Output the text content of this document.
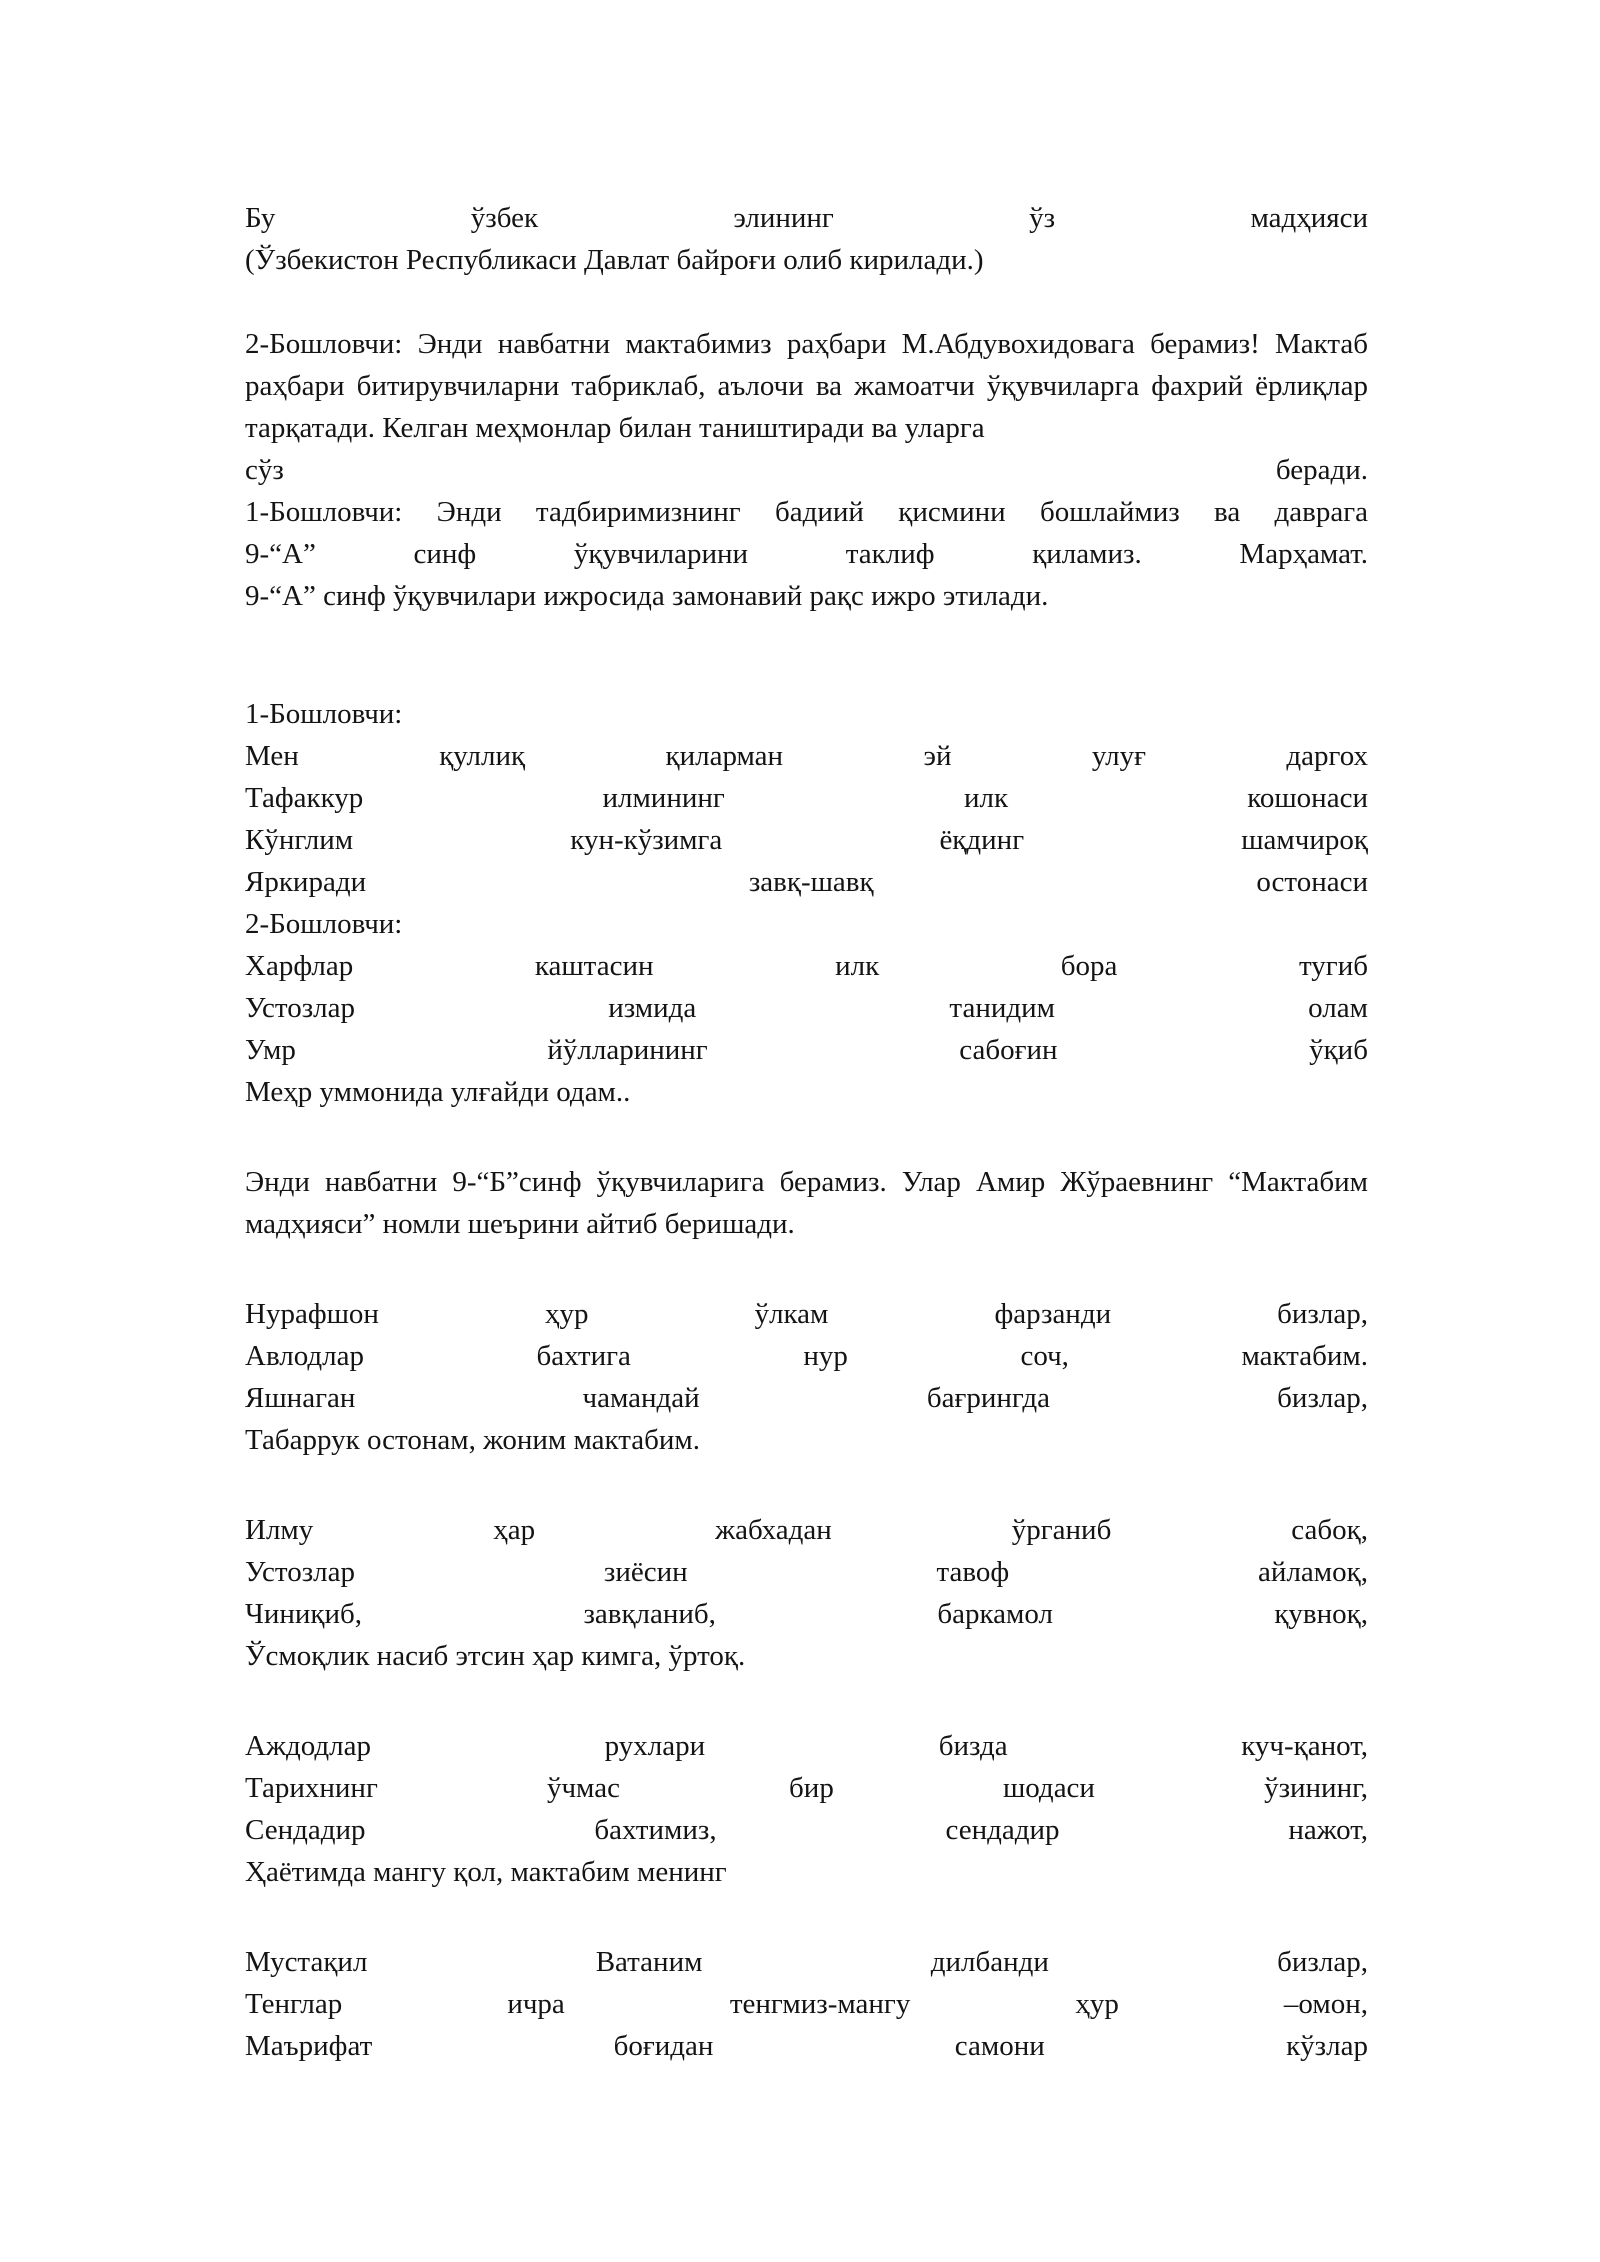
Бу	ўзбек	элининг	ўз	мадҳияси
(Ўзбекистон Республикаси Давлат байроғи олиб кирилади.)
2-Бошловчи: Энди навбатни мактабимиз раҳбари М.Абдувохидовага берамиз! Мактаб раҳбари битирувчиларни табриклаб, аълочи ва жамоатчи ўқувчиларга фахрий ёрлиқлар тарқатади. Келган меҳмонлар билан таништиради ва уларга
сўз	беради.
1-Бошловчи: Энди тадбиримизнинг бадиий қисмини бошлаймиз ва даврага
9-“А”	синф	ўқувчиларини	таклиф	қиламиз.	Марҳамат.
9-“А” синф ўқувчилари ижросида замонавий рақс ижро этилади.
1-Бошловчи:
Мен	қуллиқ	қиларман	эй	улуғ	даргох
Тафаккур	илмининг	илк	кошонаси
Кўнглим	кун-кўзимга	ёқдинг	шамчироқ
Яркиради	завқ-шавқ	остонаси
2-Бошловчи:
Харфлар	каштасин	илк	бора	тугиб
Устозлар	измида	танидим	олам
Умр	йўлларининг	сабоғин	ўқиб
Меҳр уммонида улғайди одам..
Энди навбатни 9-“Б”синф ўқувчиларига берамиз. Улар Амир Жўраевнинг “Мактабим мадҳияси” номли шеърини айтиб беришади.
Нурафшон	ҳур	ўлкам	фарзанди	бизлар,
Авлодлар	бахтига	нур	соч,	мактабим.
Яшнаган	чамандай	бағрингда	бизлар,
Табаррук остонам, жоним мактабим.
Илму	ҳар	жабхадан	ўрганиб	сабоқ,
Устозлар	зиёсин	тавоф	айламоқ,
Чиниқиб,	завқланиб,	баркамол	қувноқ,
Ўсмоқлик насиб этсин ҳар кимга, ўртоқ.
Аждодлар	рухлари	бизда	куч-қанот,
Тарихнинг	ўчмас	бир	шодаси	ўзининг,
Сендадир	бахтимиз,	сендадир	нажот,
Ҳаётимда мангу қол, мактабим менинг
Мустақил	Ватаним	дилбанди	бизлар,
Тенглар	ичра	тенгмиз-мангу	ҳур	–омон,
Маърифат	боғидан	самони	кўзлар
